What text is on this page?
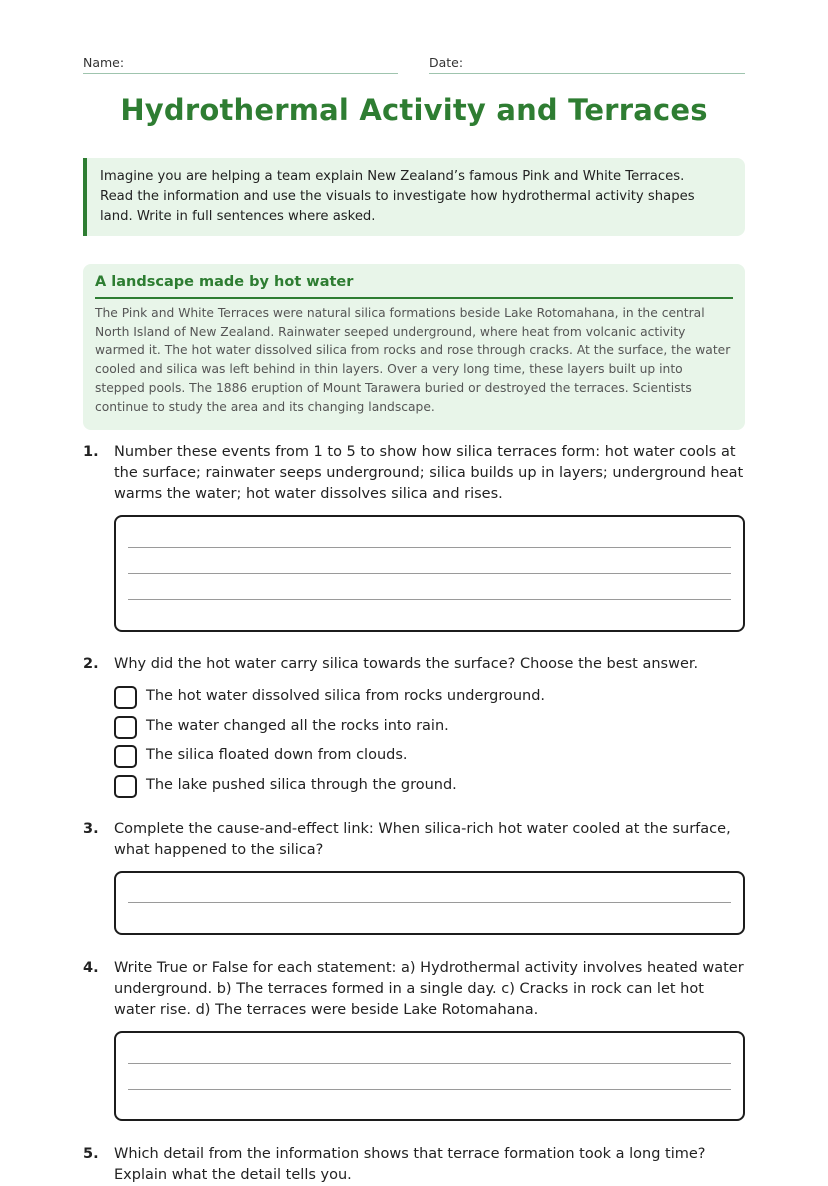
Name:	Date:
Hydrothermal Activity and Terraces
Imagine you are helping a team explain New Zealand’s famous Pink and White Terraces. Read the information and use the visuals to investigate how hydrothermal activity shapes land. Write in full sentences where asked.
A landscape made by hot water

The Pink and White Terraces were natural silica formations beside Lake Rotomahana, in the central North Island of New Zealand. Rainwater seeped underground, where heat from volcanic activity warmed it. The hot water dissolved silica from rocks and rose through cracks. At the surface, the water cooled and silica was left behind in thin layers. Over a very long time, these layers built up into stepped pools. The 1886 eruption of Mount Tarawera buried or destroyed the terraces. Scientists continue to study the area and its changing landscape.

1. Number these events from 1 to 5 to show how silica terraces form: hot water cools at the surface; rainwater seeps underground; silica builds up in layers; underground heat warms the water; hot water dissolves silica and rises.
2. Why did the hot water carry silica towards the surface? Choose the best answer.
The hot water dissolved silica from rocks underground.
The water changed all the rocks into rain.
The silica floated down from clouds.
The lake pushed silica through the ground.
3. Complete the cause-and-effect link: When silica-rich hot water cooled at the surface, what happened to the silica?
4. Write True or False for each statement: a) Hydrothermal activity involves heated water underground. b) The terraces formed in a single day. c) Cracks in rock can let hot water rise. d) The terraces were beside Lake Rotomahana.
5. Which detail from the information shows that terrace formation took a long time? Explain what the detail tells you.
